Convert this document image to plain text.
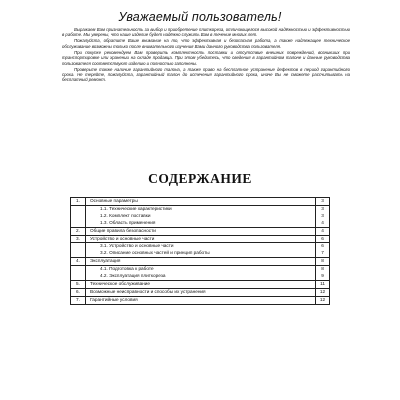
Уважаемый пользователь!

Выражаем Вам признательность за выбор и приобретение плиткореза, отличающегося высокой надёжностью и эффективностью в работе. Мы уверены, что наше изделие будет надёжно служить Вам в течение многих лет.

Пожалуйста, обратите Ваше внимание на то, что эффективная и безопасная работа, а также надлежащее техническое обслуживание возможны только после внимательного изучения Вами данного руководства пользователя.

При покупке рекомендуем Вам проверить комплектность поставки и отсутствие внешних повреждений, возникших при транспортировке или хранении на складе продавца. При этом убедитесь, что сведения в гарантийном талоне и данные руководства пользователя соответствуют изделию и полностью заполнены.

Проверьте также наличие гарантийного талона, а также право на бесплатное устранение дефектов в период гарантийного срока. Не теряйте, пожалуйста, гарантийный талон до истечения гарантийного срока, иначе Вы не сможете рассчитывать на бесплатный ремонт.

СОДЕРЖАНИЕ
1.	Основные параметры	3
	1.1. Технические характеристики	3
	1.2. Комплект поставки	3
	1.3. Область применения	4
2.	Общие правила безопасности	4
3.	Устройство и основные части	6
	3.1. Устройство и основные части	6
	3.2. Описание основных частей и принцип работы	7
4.	Эксплуатация	8
	4.1. Подготовка к работе	8
	4.2. Эксплуатация плиткореза	9
5.	Техническое обслуживание	11
6.	Возможные неисправности и способы их устранения	12
7.	Гарантийные условия	12
